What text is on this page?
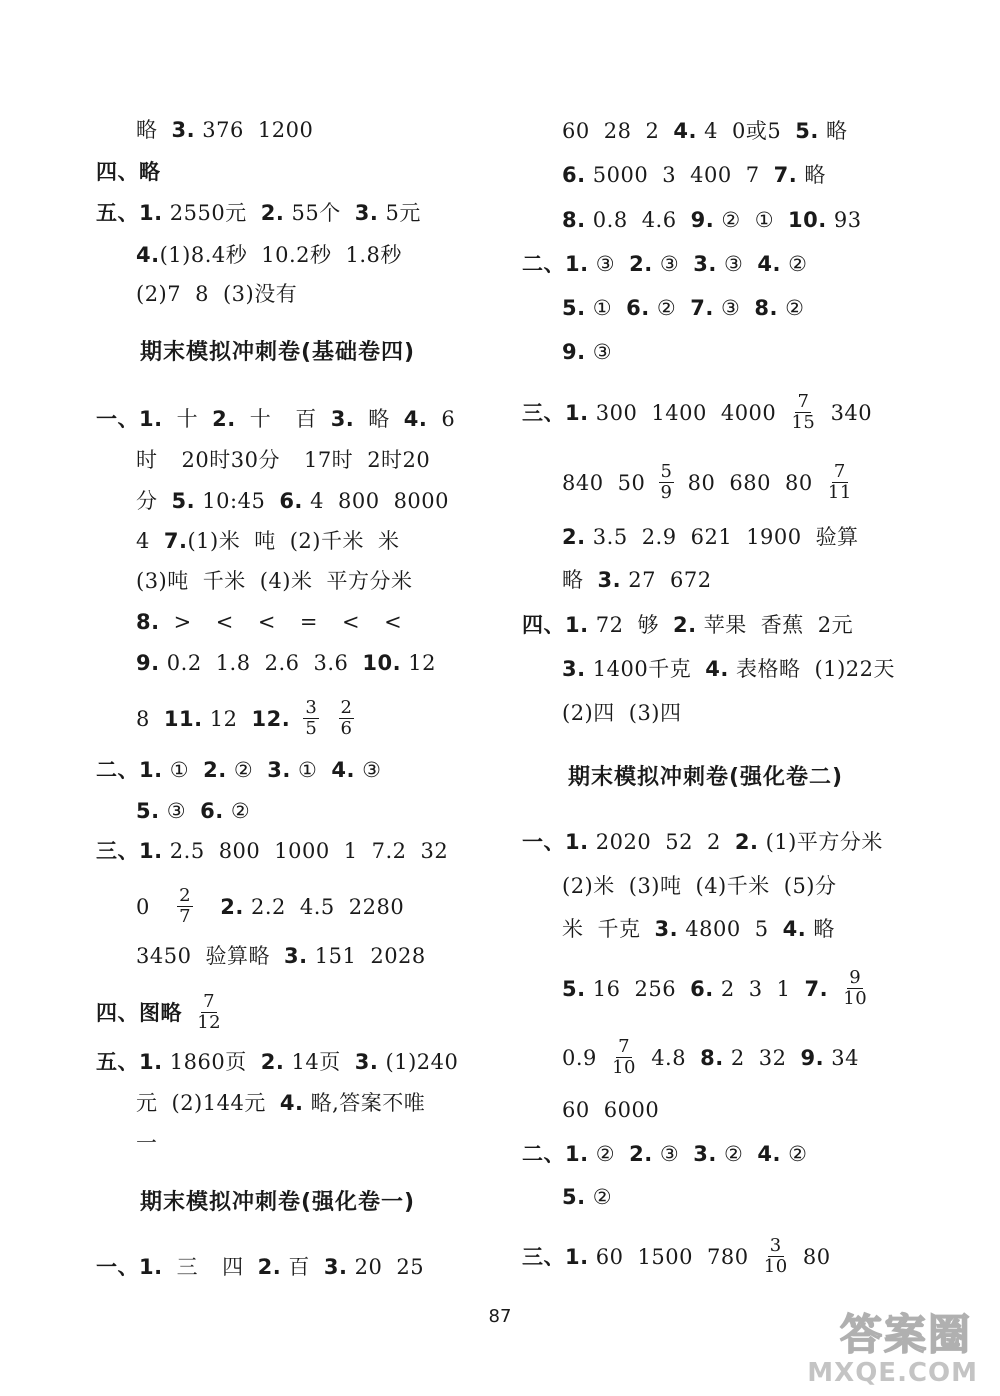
略 3. 376 1200
四、略
五、1. 2550元 2. 55个 3. 5元
4.(1)8.4秒 10.2秒 1.8秒
(2)7 8 (3)没有
期末模拟冲刺卷(基础卷四)
一、1. 十 2. 十 百 3. 略 4. 6
时 20时30分 17时 2时20
分 5. 10:45 6. 4 800 8000
4 7.(1)米 吨 (2)千米 米
(3)吨 千米 (4)米 平方分米
8. > < < = < <
9. 0.2 1.8 2.6 3.6 10. 12
8 11. 12 12. $\frac{3}{5}$
$\frac{2}{6}$
二、1. ① 2. ② 3. ① 4. ③
5. ③ 6. ②
三、1. 2.5 800 1000 1 7.2 32
$0 \frac{2}{7} 2$. 2.2 4.5 2280
3450 验算略 3. 151 2028
四、图略 $\frac{7}{12}$
五、1. 1860页 2. 14页 3. (1)240
元 (2)144元 4. 略,答案不唯
一
期末模拟冲刺卷(强化卷一)
一、1. 三 四 2. 百 3. 20 25
60 28 2 4. 4 0或5 5. 略
6. 5000 3 400 7 7. 略
8. 0.8 4.6 9. ② ① 10. 93
二、1. ③ 2. ③ 3. ③ 4. ②
5. ① 6. ② 7. ③ 8. ②
9. ③
三、1. 300 1400 $4000 \frac{7}{15} 340$
840 $50 \frac{5}{9} 80$ 680 $80 \frac{7}{11}$
2. 3.5 2.9 621 1900 验算
略 3. 27 672
四、1. 72 够 2. 苹果 香蕉 2元
3. 1400千克 4. 表格略 (1)22天
(2)四 (3)四
期末模拟冲刺卷(强化卷二)
一、1. 2020 52 2 2. (1)平方分米
(2)米 (3)吨 (4)千米 (5)分
米 千克 3. 4800 5 4. 略
5. 16 256 6. 2 3 1 7. $\frac{9}{10}$
$0.9 \frac{7}{10} 4.8$ 8. 2 32 9. 34
60 6000
二、1. ② 2. ③ 3. ② 4. ②
5. ②
三、1. 60 1500 $780 \frac{3}{10} 80$
87	答案圈
MXQE.COM
